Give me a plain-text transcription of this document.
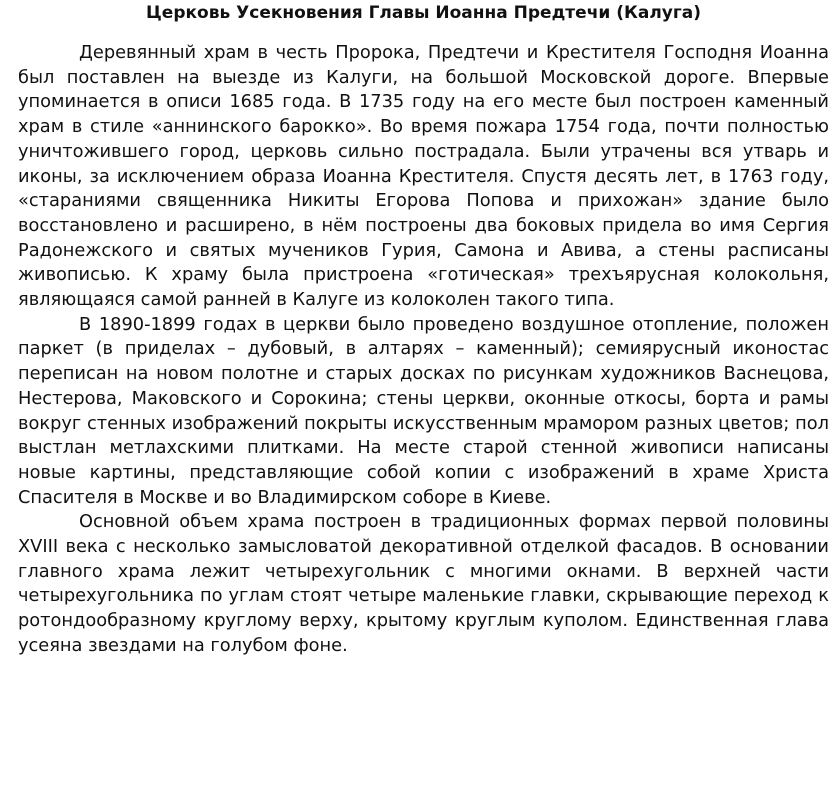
Церковь Усекновения Главы Иоанна Предтечи (Калуга)

Деревянный храм в честь Пророка, Предтечи и Крестителя Господня Иоанна был поставлен на выезде из Калуги, на большой Московской дороге. Впервые упоминается в описи 1685 года. В 1735 году на его месте был построен каменный храм в стиле «аннинского барокко». Во время пожара 1754 года, почти полностью уничтожившего город, церковь сильно пострадала. Были утрачены вся утварь и иконы, за исключением образа Иоанна Крестителя. Спустя десять лет, в 1763 году, «стараниями священника Никиты Егорова Попова и прихожан» здание было восстановлено и расширено, в нём построены два боковых придела во имя Сергия Радонежского и святых мучеников Гурия, Самона и Авива, а стены расписаны живописью. К храму была пристроена «готическая» трехъярусная колокольня, являющаяся самой ранней в Калуге из колоколен такого типа.

В 1890-1899 годах в церкви было проведено воздушное отопление, положен паркет (в приделах – дубовый, в алтарях – каменный); семиярусный иконостас переписан на новом полотне и старых досках по рисункам художников Васнецова, Нестерова, Маковского и Сорокина; стены церкви, оконные откосы, борта и рамы вокруг стенных изображений покрыты искусственным мрамором разных цветов; пол выстлан метлахскими плитками. На месте старой стенной живописи написаны новые картины, представляющие собой копии с изображений в храме Христа Спасителя в Москве и во Владимирском соборе в Киеве.

Основной объем храма построен в традиционных формах первой половины XVIII века с несколько замысловатой декоративной отделкой фасадов. В основании главного храма лежит четырехугольник с многими окнами. В верхней части четырехугольника по углам стоят четыре маленькие главки, скрывающие переход к ротондообразному круглому верху, крытому круглым куполом. Единственная глава усеяна звездами на голубом фоне.
